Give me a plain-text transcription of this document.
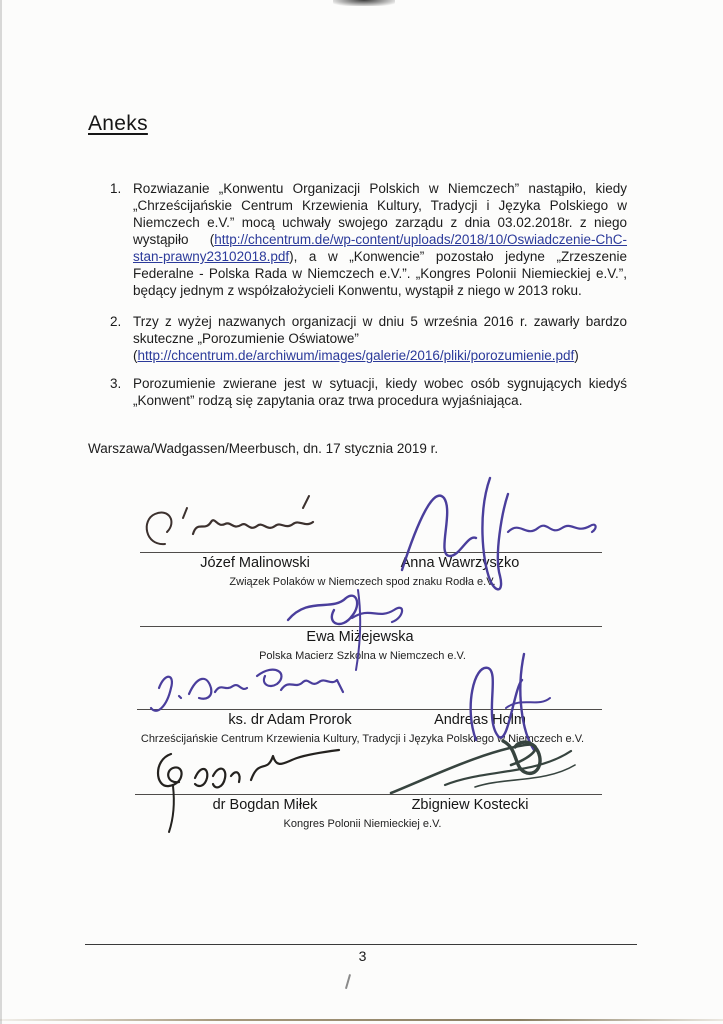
Aneks
1. Rozwiazanie „Konwentu Organizacji Polskich w Niemczech” nastąpiło, kiedy „Chrześcijańskie Centrum Krzewienia Kultury, Tradycji i Języka Polskiego w Niemczech e.V.” mocą uchwały swojego zarządu z dnia 03.02.2018r. z niego wystąpiło (http://chcentrum.de/wp-content/uploads/2018/10/Oswiadczenie-ChC-stan-prawny23102018.pdf), a w „Konwencie” pozostało jedyne „Zrzeszenie Federalne - Polska Rada w Niemczech e.V.”. „Kongres Polonii Niemieckiej e.V.”, będący jednym z współzałożycieli Konwentu, wystąpił z niego w 2013 roku.
2. Trzy z wyżej nazwanych organizacji w dniu 5 września 2016 r. zawarły bardzo skuteczne „Porozumienie Oświatowe”
(http://chcentrum.de/archiwum/images/galerie/2016/pliki/porozumienie.pdf)
3. Porozumienie zwierane jest w sytuacji, kiedy wobec osób sygnujących kiedyś „Konwent” rodzą się zapytania oraz trwa procedura wyjaśniająca.
Warszawa/Wadgassen/Meerbusch, dn. 17 stycznia 2019 r.
Józef Malinowski	Anna Wawrzyszko
Związek Polaków w Niemczech spod znaku Rodła e.V.
Ewa Miżejewska
Polska Macierz Szkolna w Niemczech e.V.
ks. dr Adam Prorok	Andreas Holm
Chrześcijańskie Centrum Krzewienia Kultury, Tradycji i Języka Polskiego w Niemczech e.V.
dr Bogdan Miłek	Zbigniew Kostecki
Kongres Polonii Niemieckiej e.V.
3
